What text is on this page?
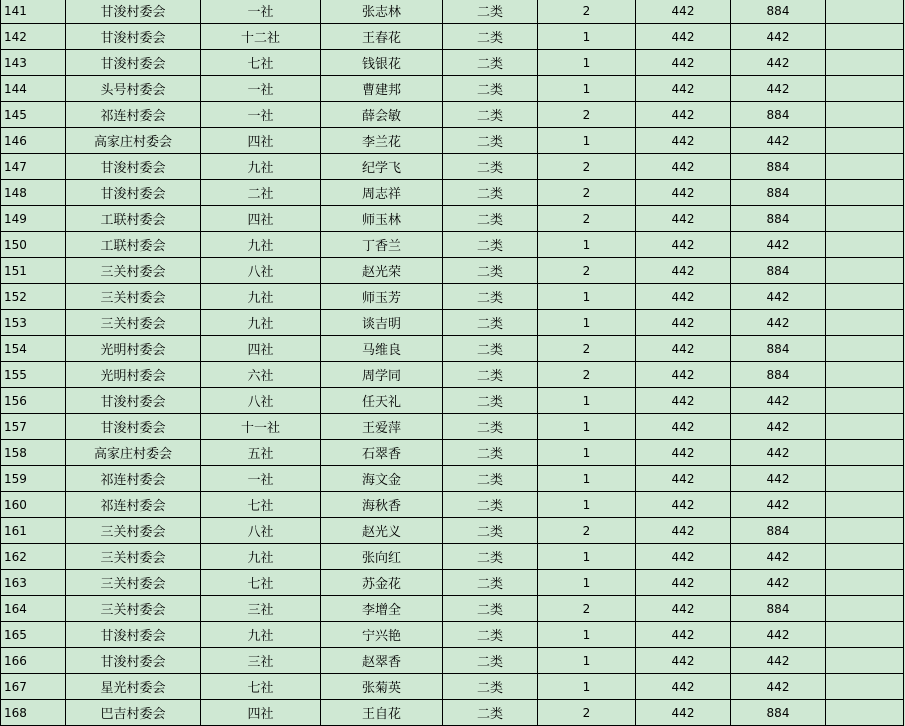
141	甘浚村委会	一社	张志林	二类	2	442	884	
142	甘浚村委会	十二社	王春花	二类	1	442	442	
143	甘浚村委会	七社	钱银花	二类	1	442	442	
144	头号村委会	一社	曹建邦	二类	1	442	442	
145	祁连村委会	一社	薛会敏	二类	2	442	884	
146	高家庄村委会	四社	李兰花	二类	1	442	442	
147	甘浚村委会	九社	纪学飞	二类	2	442	884	
148	甘浚村委会	二社	周志祥	二类	2	442	884	
149	工联村委会	四社	师玉林	二类	2	442	884	
150	工联村委会	九社	丁香兰	二类	1	442	442	
151	三关村委会	八社	赵光荣	二类	2	442	884	
152	三关村委会	九社	师玉芳	二类	1	442	442	
153	三关村委会	九社	谈吉明	二类	1	442	442	
154	光明村委会	四社	马维良	二类	2	442	884	
155	光明村委会	六社	周学同	二类	2	442	884	
156	甘浚村委会	八社	任天礼	二类	1	442	442	
157	甘浚村委会	十一社	王爱萍	二类	1	442	442	
158	高家庄村委会	五社	石翠香	二类	1	442	442	
159	祁连村委会	一社	海文金	二类	1	442	442	
160	祁连村委会	七社	海秋香	二类	1	442	442	
161	三关村委会	八社	赵光义	二类	2	442	884	
162	三关村委会	九社	张向红	二类	1	442	442	
163	三关村委会	七社	苏金花	二类	1	442	442	
164	三关村委会	三社	李增全	二类	2	442	884	
165	甘浚村委会	九社	宁兴艳	二类	1	442	442	
166	甘浚村委会	三社	赵翠香	二类	1	442	442	
167	星光村委会	七社	张菊英	二类	1	442	442	
168	巴吉村委会	四社	王自花	二类	2	442	884	
